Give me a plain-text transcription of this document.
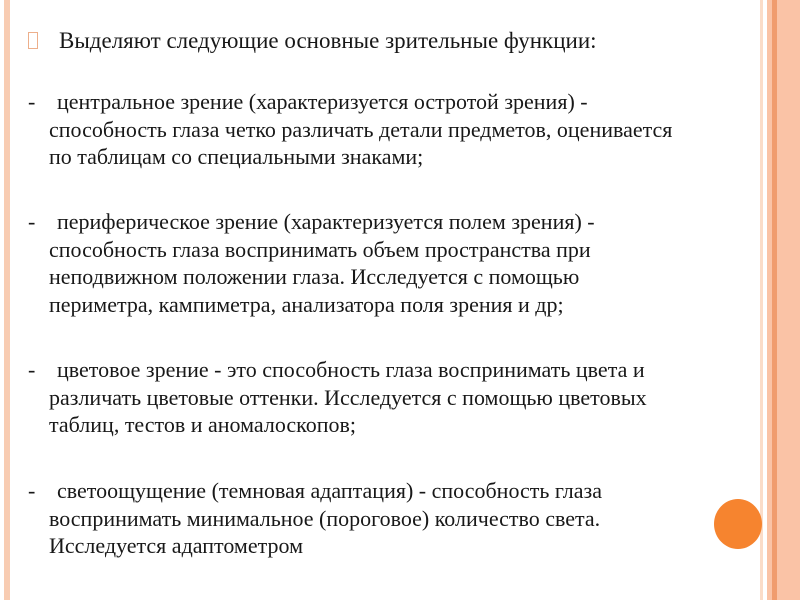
Выделяют следующие основные зрительные функции:
- центральное зрение (характеризуется остротой зрения) -
способность глаза четко различать детали предметов, оценивается
по таблицам со специальными знаками;
- периферическое зрение (характеризуется полем зрения) -
способность глаза воспринимать объем пространства при
неподвижном положении глаза. Исследуется с помощью
периметра, кампиметра, анализатора поля зрения и др;
- цветовое зрение - это способность глаза воспринимать цвета и
различать цветовые оттенки. Исследуется с помощью цветовых
таблиц, тестов и аномалоскопов;
- светоощущение (темновая адаптация) - способность глаза
воспринимать минимальное (пороговое) количество света.
Исследуется адаптометром
